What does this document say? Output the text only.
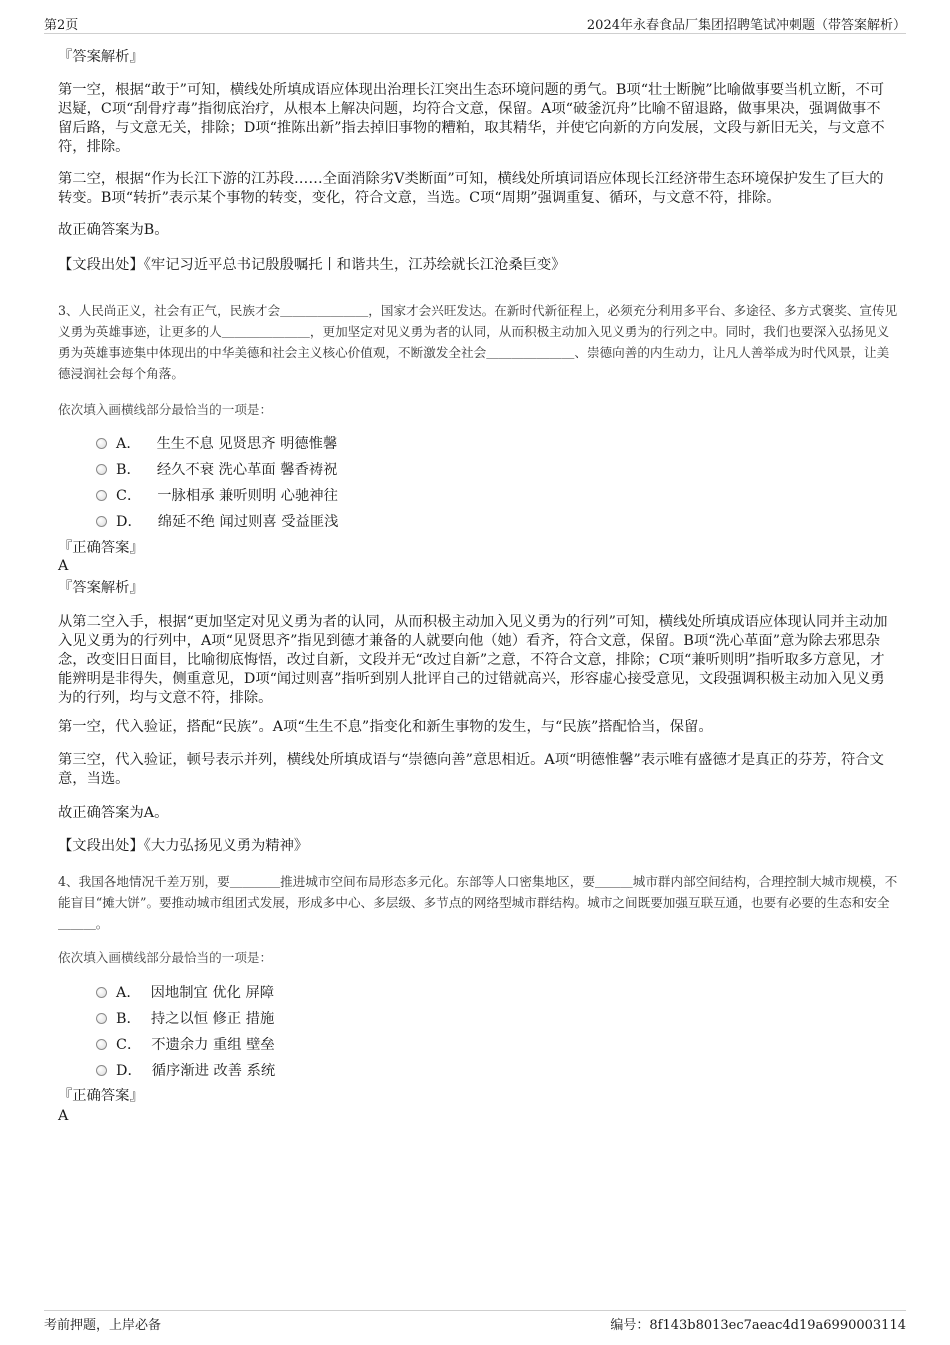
第2页	2024年永春食品厂集团招聘笔试冲刺题（带答案解析）
『答案解析』
第一空，根据“敢于”可知，横线处所填成语应体现出治理长江突出生态环境问题的勇气。B项“壮士断腕”比喻做事要当机立断，不可迟疑，C项“刮骨疗毒”指彻底治疗，从根本上解决问题，均符合文意，保留。A项“破釜沉舟”比喻不留退路，做事果决，强调做事不留后路，与文意无关，排除；D项“推陈出新”指去掉旧事物的糟粕，取其精华，并使它向新的方向发展，文段与新旧无关，与文意不符，排除。
第二空，根据“作为长江下游的江苏段……全面消除劣V类断面”可知，横线处所填词语应体现长江经济带生态环境保护发生了巨大的转变。B项“转折”表示某个事物的转变，变化，符合文意，当选。C项“周期”强调重复、循环，与文意不符，排除。
故正确答案为B。
【文段出处】《牢记习近平总书记殷殷嘱托丨和谐共生，江苏绘就长江沧桑巨变》
3、人民尚正义，社会有正气，民族才会＿＿＿＿＿＿＿，国家才会兴旺发达。在新时代新征程上，必须充分利用多平台、多途径、多方式褒奖、宣传见义勇为英雄事迹，让更多的人＿＿＿＿＿＿＿，更加坚定对见义勇为者的认同，从而积极主动加入见义勇为的行列之中。同时，我们也要深入弘扬见义勇为英雄事迹集中体现出的中华美德和社会主义核心价值观，不断激发全社会＿＿＿＿＿＿＿、崇德向善的内生动力，让凡人善举成为时代风景，让美德浸润社会每个角落。
依次填入画横线部分最恰当的一项是：
A． 生生不息 见贤思齐 明德惟馨
B． 经久不衰 洗心革面 馨香祷祝
C． 一脉相承 兼听则明 心驰神往
D． 绵延不绝 闻过则喜 受益匪浅
『正确答案』
A
『答案解析』
从第二空入手，根据“更加坚定对见义勇为者的认同，从而积极主动加入见义勇为的行列”可知，横线处所填成语应体现认同并主动加入见义勇为的行列中，A项“见贤思齐”指见到德才兼备的人就要向他（她）看齐，符合文意，保留。B项“洗心革面”意为除去邪思杂念，改变旧日面目，比喻彻底悔悟，改过自新，文段并无“改过自新”之意，不符合文意，排除；C项“兼听则明”指听取多方意见，才能辨明是非得失，侧重意见，D项“闻过则喜”指听到别人批评自己的过错就高兴，形容虚心接受意见，文段强调积极主动加入见义勇为的行列，均与文意不符，排除。
第一空，代入验证，搭配“民族”。A项“生生不息”指变化和新生事物的发生，与“民族”搭配恰当，保留。
第三空，代入验证，顿号表示并列，横线处所填成语与“崇德向善”意思相近。A项“明德惟馨”表示唯有盛德才是真正的芬芳，符合文意，当选。
故正确答案为A。
【文段出处】《大力弘扬见义勇为精神》
4、我国各地情况千差万别，要＿＿＿＿推进城市空间布局形态多元化。东部等人口密集地区，要＿＿＿城市群内部空间结构，合理控制大城市规模，不能盲目“摊大饼”。要推动城市组团式发展，形成多中心、多层级、多节点的网络型城市群结构。城市之间既要加强互联互通，也要有必要的生态和安全＿＿＿。
依次填入画横线部分最恰当的一项是：
A． 因地制宜 优化 屏障
B． 持之以恒 修正 措施
C． 不遗余力 重组 壁垒
D． 循序渐进 改善 系统
『正确答案』
A
考前押题，上岸必备	编号：8f143b8013ec7aeac4d19a6990003114
